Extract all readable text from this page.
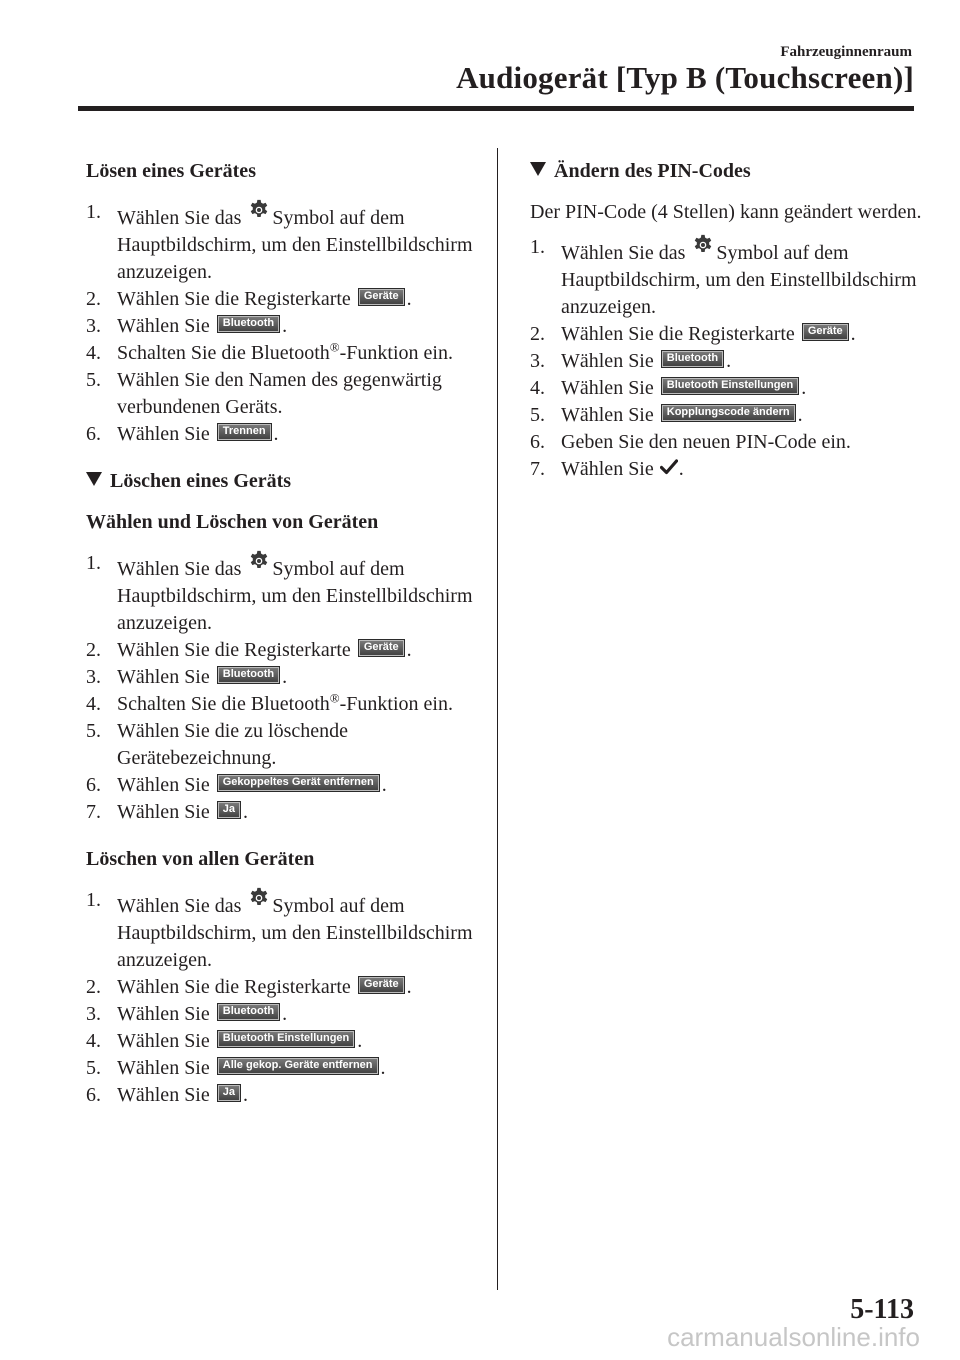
Fahrzeuginnenraum
Audiogerät [Typ B (Touchscreen)]
Lösen eines Gerätes
1. Wählen Sie das Symbol auf dem Hauptbildschirm, um den Einstellbildschirm anzuzeigen.
2. Wählen Sie die Registerkarte Geräte .
3. Wählen Sie Bluetooth .
4. Schalten Sie die Bluetooth®-Funktion ein.
5. Wählen Sie den Namen des gegenwärtig verbundenen Geräts.
6. Wählen Sie Trennen .
Löschen eines Geräts
Wählen und Löschen von Geräten
1. Wählen Sie das Symbol auf dem Hauptbildschirm, um den Einstellbildschirm anzuzeigen.
2. Wählen Sie die Registerkarte Geräte .
3. Wählen Sie Bluetooth .
4. Schalten Sie die Bluetooth®-Funktion ein.
5. Wählen Sie die zu löschende Gerätebezeichnung.
6. Wählen Sie Gekoppeltes Gerät entfernen .
7. Wählen Sie Ja .
Löschen von allen Geräten
1. Wählen Sie das Symbol auf dem Hauptbildschirm, um den Einstellbildschirm anzuzeigen.
2. Wählen Sie die Registerkarte Geräte .
3. Wählen Sie Bluetooth .
4. Wählen Sie Bluetooth Einstellungen .
5. Wählen Sie Alle gekop. Geräte entfernen .
6. Wählen Sie Ja .
Ändern des PIN-Codes
Der PIN-Code (4 Stellen) kann geändert werden.
1. Wählen Sie das Symbol auf dem Hauptbildschirm, um den Einstellbildschirm anzuzeigen.
2. Wählen Sie die Registerkarte Geräte .
3. Wählen Sie Bluetooth .
4. Wählen Sie Bluetooth Einstellungen .
5. Wählen Sie Kopplungscode ändern .
6. Geben Sie den neuen PIN-Code ein.
7. Wählen Sie .
5-113
carmanualsonline.info
